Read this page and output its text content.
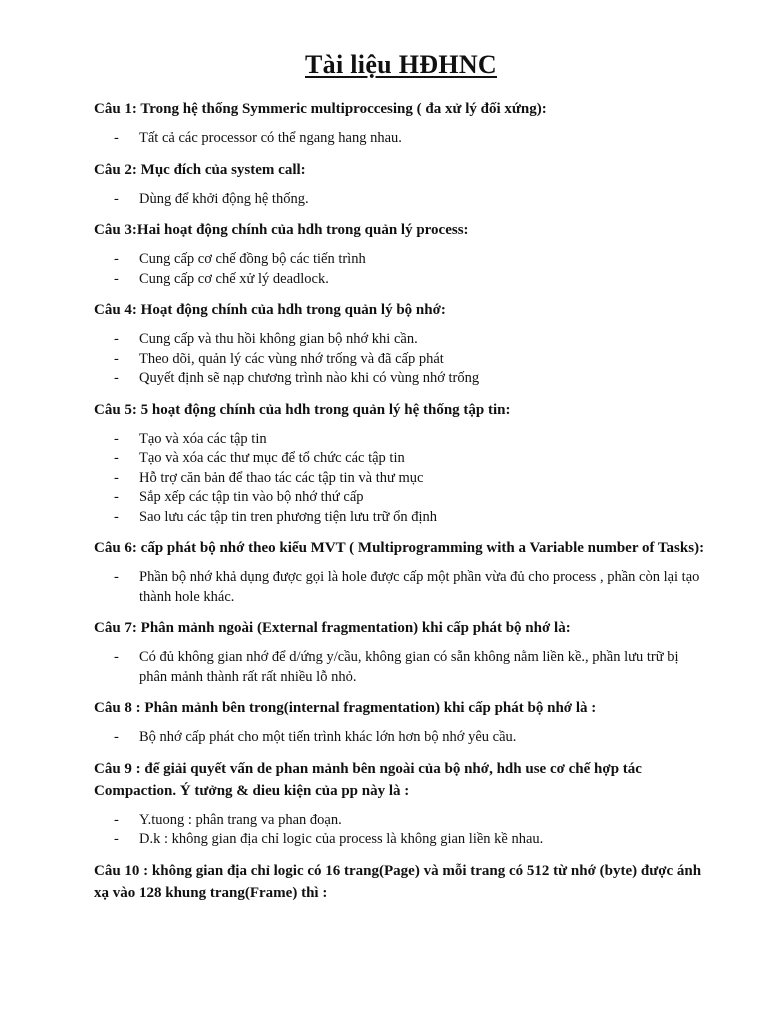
Tài liệu HĐHNC

Câu 1: Trong hệ thống Symmeric multiproccesing ( đa xử lý đối xứng):

- Tất cả các processor có thể ngang hang nhau.

Câu 2: Mục đích của system call:

- Dùng để khởi động hệ thống.

Câu 3:Hai hoạt động chính của hdh trong quản lý process:

- Cung cấp cơ chế đồng bộ các tiến trình
- Cung cấp cơ chế xử lý deadlock.

Câu 4: Hoạt động chính của hdh trong quản lý bộ nhớ:

- Cung cấp và thu hồi không gian bộ nhớ khi cần.
- Theo dõi, quản lý các vùng nhớ trống và đã cấp phát
- Quyết định sẽ nạp chương trình nào khi có vùng nhớ trống

Câu 5: 5 hoạt động chính của hdh trong quản lý hệ thống tập tin:

- Tạo và xóa các tập tin
- Tạo và xóa các thư mục để tổ chức các tập tin
- Hỗ trợ căn bản để thao tác các tập tin và thư mục
- Sắp xếp các tập tin vào bộ nhớ thứ cấp
- Sao lưu các tập tin tren phương tiện lưu trữ ổn định

Câu 6: cấp phát bộ nhớ theo kiểu MVT ( Multiprogramming with a Variable number of Tasks):

- Phần bộ nhớ khả dụng được gọi là hole được cấp một phần vừa đủ cho process , phần còn lại tạo thành hole khác.

Câu 7: Phân mảnh ngoài (External fragmentation) khi cấp phát bộ nhớ là:

- Có đủ không gian nhớ để d/ứng y/cầu, không gian có sẵn không nằm liền kề., phần lưu trữ bị phân mảnh thành rất rất nhiều lỗ nhỏ.

Câu 8 : Phân mảnh bên trong(internal fragmentation) khi cấp phát bộ nhớ là :

- Bộ nhớ cấp phát cho một tiến trình khác lớn hơn bộ nhớ yêu cầu.

Câu 9 : để giải quyết vấn de phan mảnh bên ngoài của bộ nhớ, hdh use cơ chế hợp tác Compaction. Ý tưởng & dieu kiện của pp này là :

- Y.tuong : phân trang va phan đoạn.
- D.k : không gian địa chỉ logic của process là không gian liền kề nhau.

Câu 10 : không gian địa chỉ logic có 16 trang(Page) và mỗi trang có 512 từ nhớ (byte) được ánh xạ vào 128 khung trang(Frame) thì :
